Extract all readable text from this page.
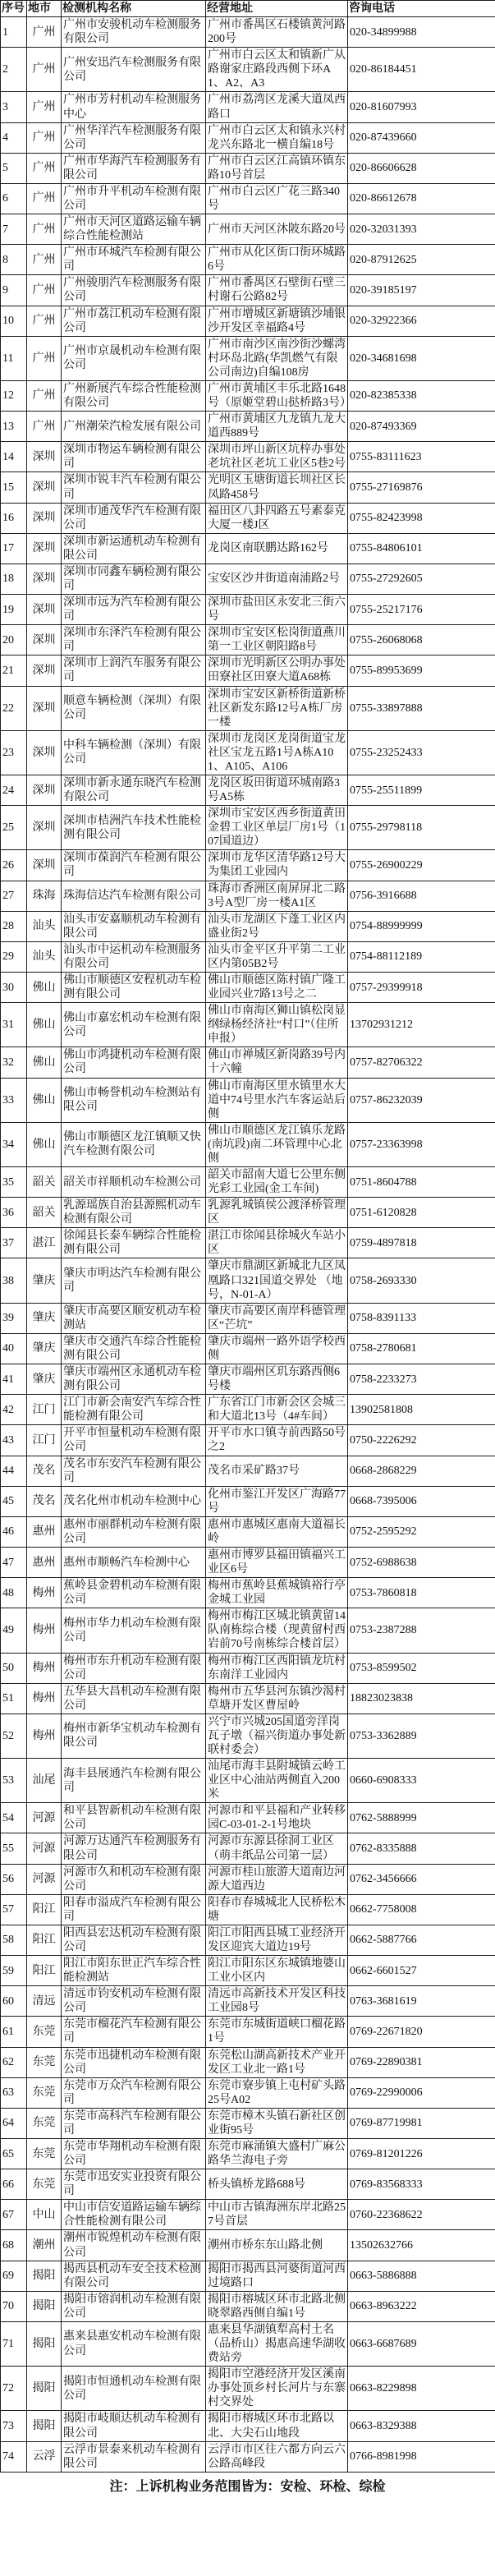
序号	地市	检测机构名称	经营地址	咨询电话
1	广州	广州市安骏机动车检测服务有限公司	广州市番禺区石楼镇黄河路200号	020-34899988
2	广州	广州安迅汽车检测服务有限公司	广州市白云区太和镇新广从路谢家庄路段西侧下环A1、A2、A3	020-86184451
3	广州	广州市芳村机动车检测服务中心	广州市荔湾区龙溪大道凤西路口	020-81607993
4	广州	广州华洋汽车检测服务有限公司	广州市白云区太和镇永兴村龙兴东路北一横自编18号	020-87439660
5	广州	广州市华海汽车检测服务有限公司	广州市白云区江高镇环镇东路10号首层	020-86606628
6	广州	广州市升平机动车检测有限公司	广州市白云区广花三路340号	020-86612678
7	广州	广州市天河区道路运输车辆综合性能检测站	广州市天河区沐陂东路20号	020-32031393
8	广州	广州市环城汽车检测有限公司	广州市从化区街口街环城路6号	020-87912625
9	广州	广州骏朋汽车检测服务有限公司	广州市番禺区石壁街石壁三村谢石公路82号	020-39185197
10	广州	广州市荔江机动车检测有限公司	广州市增城区新塘镇沙埔银沙开发区幸福路4号	020-32922366
11	广州	广州市京晟机动车检测有限公司	广州市南沙区南沙街沙螺湾村环岛北路(华凯燃气有限公司南边)自编108房	020-34681698
12	广州	广州新展汽车综合性能检测有限公司	广州市黄埔区丰乐北路1648号（原姬堂碧山挞桥路3号）	020-82385338
13	广州	广州潮荣汽检发展有限公司	广州市黄埔区九龙镇九龙大道西889号	020-87493369
14	深圳	深圳市物运车辆检测有限公司	深圳市坪山新区坑梓办事处老坑社区老坑工业区5巷2号	0755-83111623
15	深圳	深圳市锐丰汽车检测有限公司	光明区玉塘街道长圳社区长凤路458号	0755-27169876
16	深圳	深圳市通茂华汽车检测有限公司	福田区八卦四路五号素泰克大厦一楼J区	0755-82423998
17	深圳	深圳市新运通机动车检测有限公司	龙岗区南联鹏达路162号	0755-84806101
18	深圳	深圳市同鑫车辆检测有限公司	宝安区沙井街道南浦路2号	0755-27292605
19	深圳	深圳市远为汽车检测有限公司	深圳市盐田区永安北三街六号	0755-25217176
20	深圳	深圳市东泽汽车检测有限公司	深圳市宝安区松岗街道燕川第一工业区朝阳路8号	0755-26068068
21	深圳	深圳市上润汽车服务有限公司	深圳市光明新区公明办事处田寮社区田寮大道A68栋	0755-89953699
22	深圳	顺意车辆检测（深圳）有限公司	深圳市宝安区新桥街道新桥社区新发东路12号A栋厂房一楼	0755-33897888
23	深圳	中科车辆检测（深圳）有限公司	深圳市龙岗区龙岗街道宝龙社区宝龙五路1号A栋A101、A105、A106	0755-23252433
24	深圳	深圳市新永通东晓汽车检测有限公司	龙岗区坂田街道环城南路3号A5栋	0755-25511899
25	深圳	深圳市桔洲汽车技术性能检测有限公司	深圳市宝安区西乡街道黄田金碧工业区单层厂房1号（107国道边）	0755-29798118
26	深圳	深圳市葆润汽车检测有限公司	深圳市龙华区清华路12号大为集团工业园内	0755-26900229
27	珠海	珠海信达汽车检测有限公司	珠海市香洲区南屏屏北二路3号A型厂房一楼A1区	0756-3916688
28	汕头	汕头市安嘉顺机动车检测有限公司	汕头市龙湖区下蓬工业区内盛业街2号	0754-88999999
29	汕头	汕头市中运机动车检测服务有限公司	汕头市金平区升平第二工业区内第05B2号	0754-88112189
30	佛山	佛山市顺德区安程机动车检测有限公司	佛山市顺德区陈村镇广隆工业园兴业7路13号之二	0757-29399918
31	佛山	佛山市嘉宏机动车检测有限公司	佛山市南海区狮山镇松岗显纲绿杨经济社“村口”（住所申报）	13702931212
32	佛山	佛山市鸿捷机动车检测有限公司	佛山市禅城区新岗路39号内十六幢	0757-82706322
33	佛山	佛山市畅誉机动车检测站有限公司	佛山市南海区里水镇里水大道中74号里水汽车客运站后侧	0757-86232039
34	佛山	佛山市顺德区龙江镇顺又快汽车检测有限公司	佛山市顺德区龙江镇乐龙路(南坑段)南二环管理中心北侧	0757-23363998
35	韶关	韶关市祥顺机动车检测公司	韶关市韶南大道七公里东侧光彩工业园(金工车间)	0751-8604788
36	韶关	乳源瑶族自治县源熙机动车检测有限公司	乳源乳城镇侯公渡泽桥管理区	0751-6120828
37	湛江	徐闻县长泰车辆综合性能检测有限公司	湛江市徐闻县徐城火车站小区	0759-4897818
38	肇庆	肇庆市明达汽车检测有限公司	肇庆市鼎湖区新城北九区凤凰路口321国道交界处 （地号，N-01-A）	0758-2693330
39	肇庆	肇庆市高要区顺安机动车检测站	肇庆市高要区南岸科德管理区“芒坑”	0758-8391133
40	肇庆	肇庆市交通汽车综合性能检测有限公司	肇庆市端州一路外语学校西侧	0758-2780681
41	肇庆	肇庆市端州区永通机动车检测有限公司	肇庆市端州区玑东路西侧6号楼	0758-2233273
42	江门	江门市新会南安汽车综合性能检测有限公司	广东省江门市新会区会城三和大道北13号（4#车间）	13902581808
43	江门	开平市恒量机动车检测有限公司	开平市水口镇寺前西路50号之2	0750-2226292
44	茂名	茂名市东安汽车检测有限公司	茂名市采矿路37号	0668-2868229
45	茂名	茂名化州市机动车检测中心	化州市鉴江开发区广海路77号	0668-7395006
46	惠州	惠州市丽群机动车检测有限公司	惠州市惠城区惠南大道福长岭	0752-2595292
47	惠州	惠州市顺畅汽车检测中心	惠州市博罗县福田镇福兴工业区6号	0752-6988638
48	梅州	蕉岭县金碧机动车检测有限公司	梅州市蕉岭县蕉城镇裕行亭金城工业园	0753-7860818
49	梅州	梅州市华力机动车检测有限公司	梅州市梅江区城北镇黄留14队南栋综合楼（现黄留村西岩前70号南栋综合楼首层）	0753-2387288
50	梅州	梅州市东升机动车检测有限公司	梅州市梅江区西阳镇龙坑村东南洋工业园内	0753-8599502
51	梅州	五华县大昌机动车检测有限公司	梅州市五华县河东镇沙渴村草塘开发区曹屋岭	18823023838
52	梅州	梅州市新华宝机动车检测有限公司	兴宁市兴城205国道旁洋岗瓦子墩（福兴街道办事处新联村委会）	0753-3362889
53	汕尾	海丰县展通汽车检测有限公司	汕尾市海丰县附城镇云岭工业区中心油站两侧直入200米	0660-6908333
54	河源	和平县智新机动车检测有限公司	河源市和平县福和产业转移园C-03-01-2-1号地块	0762-5888999
55	河源	河源万达通汽车检测服务有限公司	河源市东源县徐洞工业区（萌丰纸品公司第一层）	0762-8335888
56	河源	河源市久和机动车检测有限公司	河源市桂山旅游大道南边河源大道西边	0762-3456666
57	阳江	阳春市溢成汽车检测有限公司	阳春市春城城北人民桥松木塘	0662-7758008
58	阳江	阳西县宏达机动车检测有限公司	阳江市阳西县城工业经济开发区迎宾大道边19号	0662-5887766
59	阳江	阳江市阳东世正汽车综合性能检测站	阳江市阳东区东城镇地婆山工业小区内	0662-6601527
60	清远	清远市钧安机动车检测有限公司	清远市高新技术开发区科技工业园8号	0763-3681619
61	东莞	东莞市榴花汽车检测有限公司	东莞市东城街道峡口榴花路1号	0769-22671820
62	东莞	东莞市迅捷机动车检测有限公司	东莞松山湖高新技术产业开发区工业北一路1号	0769-22890381
63	东莞	东莞市万众汽车检测有限公司	东莞市寮步镇上屯村矿头路25号A02	0769-22990006
64	东莞	东莞市高科汽车检测有限公司	东莞市樟木头镇石新社区创业街95号	0769-87719981
65	东莞	东莞市华翔机动车检测有限公司	东莞市麻涌镇大盛村广麻公路华兰海电子旁	0769-81201226
66	东莞	东莞市迅安实业投资有限公司	桥头镇桥龙路688号	0769-83568333
67	中山	中山市信安道路运输车辆综合性能检测有限公司	中山市古镇海洲东岸北路257号首层	0760-22368622
68	潮州	潮州市锐煌机动车检测有限公司	潮州市桥东东山路北侧	13502632766
69	揭阳	揭西县机动车安全技术检测有限公司	揭阳市揭西县河婆街道河西过境路口	0663-5886888
70	揭阳	揭阳市镕润机动车检测有限公司	揭阳市榕城区环市北路北侧晓翠路西侧自编1号	0663-8963222
71	揭阳	惠来县惠安机动车检测有限公司	惠来县华湖镇犁高村土名（品桥山）揭惠高速华湖收费站旁	0663-6687689
72	揭阳	揭阳市恒通机动车检测有限公司	揭阳市空港经济开发区溪南办事处顶乡村长河片与东寨村交界处	0663-8229898
73	揭阳	揭阳市岐顺达机动车检测有限公司	揭阳市榕城区环市北路以北、大尖石山地段	0663-8329388
74	云浮	云浮市景泰来机动车检测有限公司	云浮市市区往六都方向云六公路高峰段	0766-8981998
注：上诉机构业务范围皆为：安检、环检、综检
